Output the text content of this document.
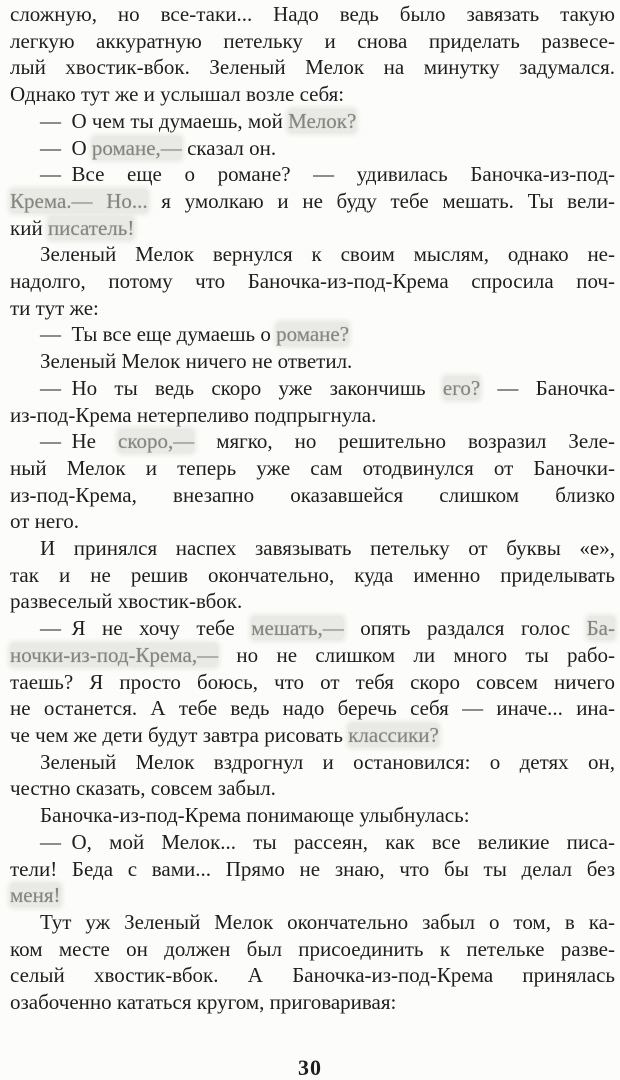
сложную, но все-таки... Надо ведь было завязать такую
легкую аккуратную петельку и снова приделать развесе-
лый хвостик-вбок. Зеленый Мелок на минутку задумался.
Однако тут же и услышал возле себя:
— О чем ты думаешь, мой Мелок?
— О романе,— сказал он.
— Все еще о романе? — удивилась Баночка-из-под-
Крема.— Но... я умолкаю и не буду тебе мешать. Ты вели-
кий писатель!
Зеленый Мелок вернулся к своим мыслям, однако не-
надолго, потому что Баночка-из-под-Крема спросила поч-
ти тут же:
— Ты все еще думаешь о романе?
Зеленый Мелок ничего не ответил.
— Но ты ведь скоро уже закончишь его? — Баночка-
из-под-Крема нетерпеливо подпрыгнула.
— Не скоро,— мягко, но решительно возразил Зеле-
ный Мелок и теперь уже сам отодвинулся от Баночки-
из-под-Крема, внезапно оказавшейся слишком близко
от него.
И принялся наспех завязывать петельку от буквы «е»,
так и не решив окончательно, куда именно приделывать
развеселый хвостик-вбок.
— Я не хочу тебе мешать,— опять раздался голос Ба-
ночки-из-под-Крема,— но не слишком ли много ты рабо-
таешь? Я просто боюсь, что от тебя скоро совсем ничего
не останется. А тебе ведь надо беречь себя — иначе... ина-
че чем же дети будут завтра рисовать классики?
Зеленый Мелок вздрогнул и остановился: о детях он,
честно сказать, совсем забыл.
Баночка-из-под-Крема понимающе улыбнулась:
— О, мой Мелок... ты рассеян, как все великие писа-
тели! Беда с вами... Прямо не знаю, что бы ты делал без
меня!
Тут уж Зеленый Мелок окончательно забыл о том, в ка-
ком месте он должен был присоединить к петельке разве-
селый хвостик-вбок. А Баночка-из-под-Крема принялась
озабоченно кататься кругом, приговаривая:
30
